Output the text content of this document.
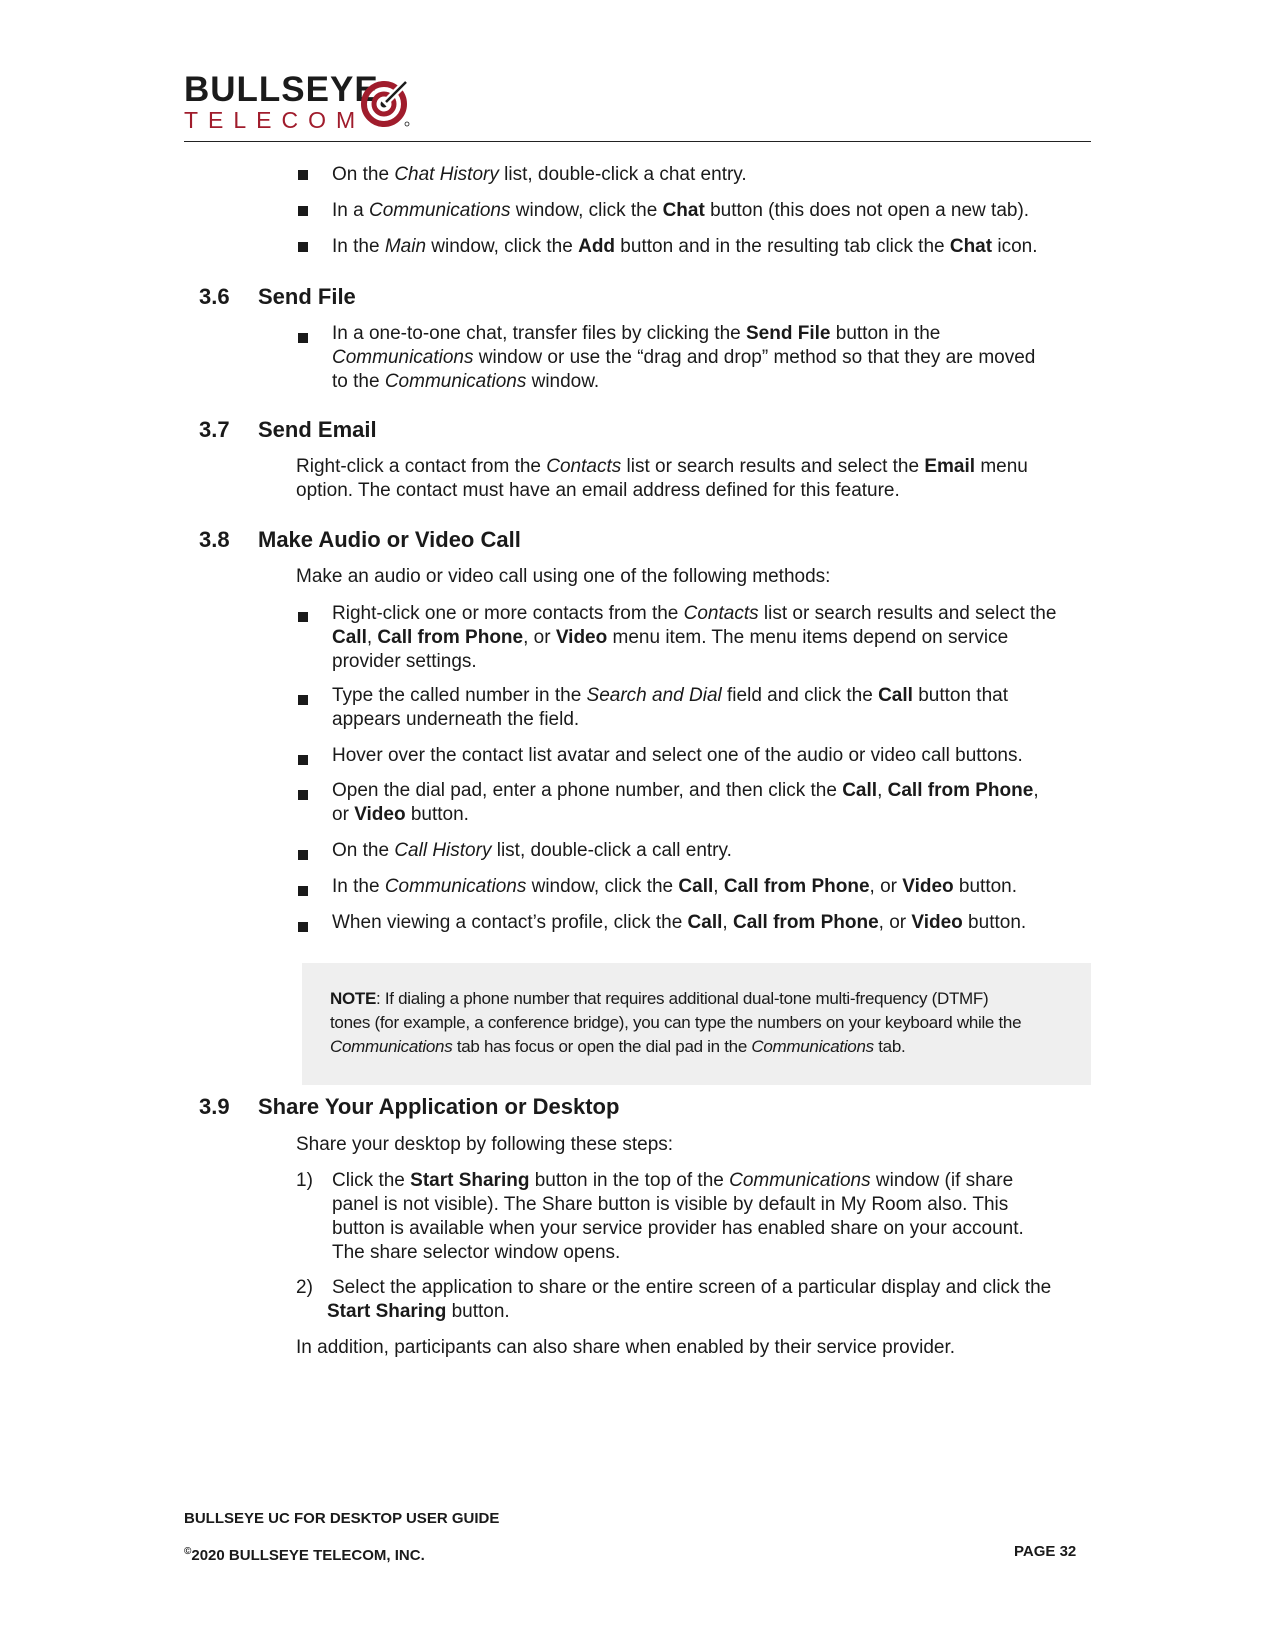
BULLSEYE
TELECOM
On the Chat History list, double-click a chat entry.
In a Communications window, click the Chat button (this does not open a new tab).
In the Main window, click the Add button and in the resulting tab click the Chat icon.
3.6 Send File
In a one-to-one chat, transfer files by clicking the Send File button in the
Communications window or use the “drag and drop” method so that they are moved
to the Communications window.
3.7 Send Email
Right-click a contact from the Contacts list or search results and select the Email menu
option. The contact must have an email address defined for this feature.
3.8 Make Audio or Video Call
Make an audio or video call using one of the following methods:
Right-click one or more contacts from the Contacts list or search results and select the
Call, Call from Phone, or Video menu item. The menu items depend on service
provider settings.
Type the called number in the Search and Dial field and click the Call button that
appears underneath the field.
Hover over the contact list avatar and select one of the audio or video call buttons.
Open the dial pad, enter a phone number, and then click the Call, Call from Phone,
or Video button.
On the Call History list, double-click a call entry.
In the Communications window, click the Call, Call from Phone, or Video button.
When viewing a contact’s profile, click the Call, Call from Phone, or Video button.
NOTE: If dialing a phone number that requires additional dual-tone multi-frequency (DTMF)
tones (for example, a conference bridge), you can type the numbers on your keyboard while the
Communications tab has focus or open the dial pad in the Communications tab.
3.9 Share Your Application or Desktop
Share your desktop by following these steps:
1) Click the Start Sharing button in the top of the Communications window (if share
panel is not visible). The Share button is visible by default in My Room also. This
button is available when your service provider has enabled share on your account.
The share selector window opens.
2) Select the application to share or the entire screen of a particular display and click the
Start Sharing button.
In addition, participants can also share when enabled by their service provider.
BULLSEYE UC FOR DESKTOP USER GUIDE
©2020 BULLSEYE TELECOM, INC.	PAGE 32
